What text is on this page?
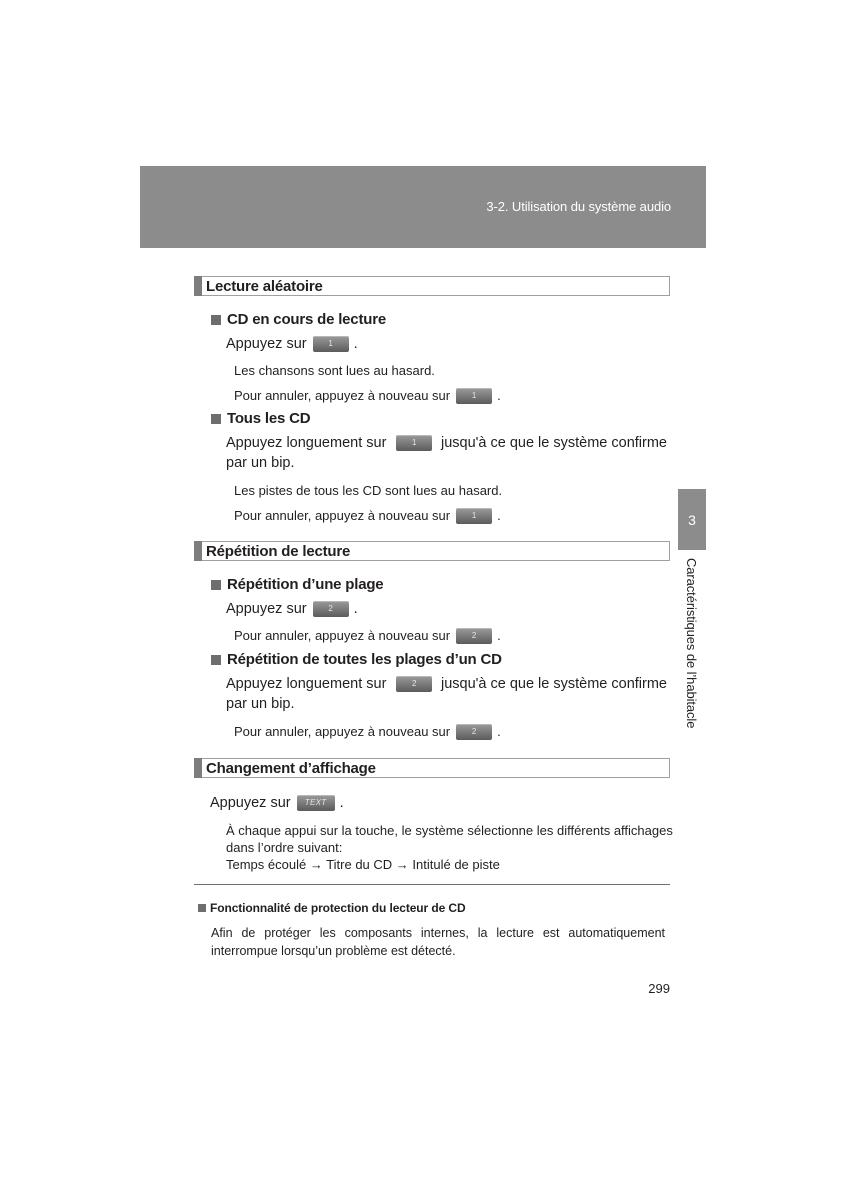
3-2. Utilisation du système audio
3
Caractéristiques de l’habitacle
Lecture aléatoire
CD en cours de lecture
Appuyez sur	1	.
Les chansons sont lues au hasard.
Pour annuler, appuyez à nouveau sur	1	.
Tous les CD
Appuyez longuement sur	1	jusqu'à ce que le système confirme
par un bip.
Les pistes de tous les CD sont lues au hasard.
Pour annuler, appuyez à nouveau sur	1	.
Répétition de lecture
Répétition d’une plage
Appuyez sur	2	.
Pour annuler, appuyez à nouveau sur	2	.
Répétition de toutes les plages d’un CD
Appuyez longuement sur	2	jusqu'à ce que le système confirme
par un bip.
Pour annuler, appuyez à nouveau sur	2	.
Changement d’affichage
Appuyez sur	TEXT .
À chaque appui sur la touche, le système sélectionne les différents affichages
dans l’ordre suivant:
Temps écoulé → Titre du CD → Intitulé de piste
Fonctionnalité de protection du lecteur de CD
Afin de protéger les composants internes, la lecture est automatiquement interrompue lorsqu’un problème est détecté.
299
